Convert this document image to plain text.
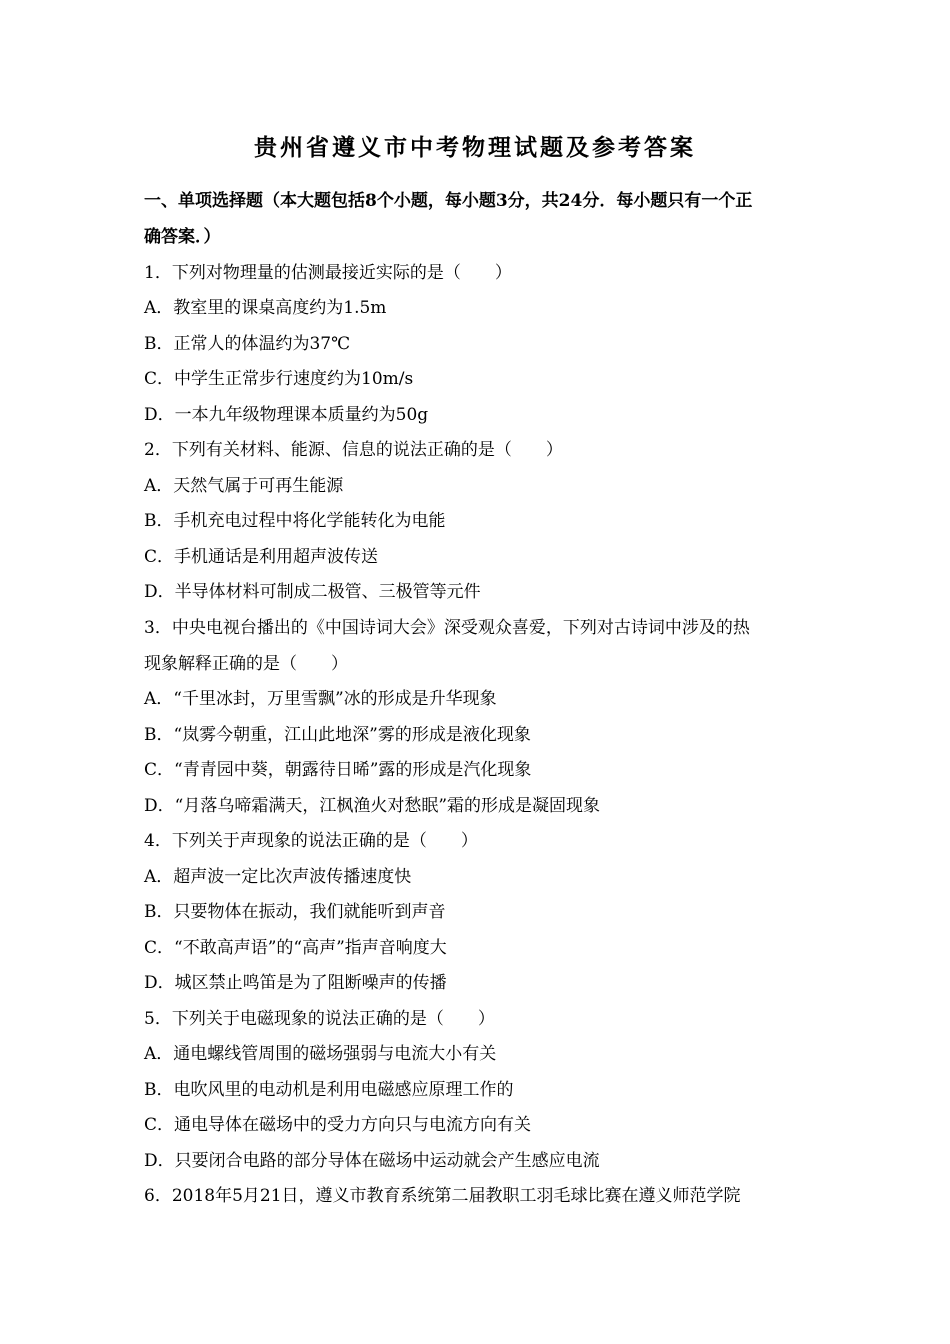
贵州省遵义市中考物理试题及参考答案
一、单项选择题（本大题包括8个小题，每小题3分，共24分．每小题只有一个正
确答案．）
1．下列对物理量的估测最接近实际的是（　　）
A．教室里的课桌高度约为1.5m
B．正常人的体温约为37℃
C．中学生正常步行速度约为10m/s
D．一本九年级物理课本质量约为50g
2．下列有关材料、能源、信息的说法正确的是（　　）
A．天然气属于可再生能源
B．手机充电过程中将化学能转化为电能
C．手机通话是利用超声波传送
D．半导体材料可制成二极管、三极管等元件
3．中央电视台播出的《中国诗词大会》深受观众喜爱，下列对古诗词中涉及的热
现象解释正确的是（　　）
A．“千里冰封，万里雪飘”冰的形成是升华现象
B．“岚雾今朝重，江山此地深”雾的形成是液化现象
C．“青青园中葵，朝露待日晞”露的形成是汽化现象
D．“月落乌啼霜满天，江枫渔火对愁眠”霜的形成是凝固现象
4．下列关于声现象的说法正确的是（　　）
A．超声波一定比次声波传播速度快
B．只要物体在振动，我们就能听到声音
C．“不敢高声语”的“高声”指声音响度大
D．城区禁止鸣笛是为了阻断噪声的传播
5．下列关于电磁现象的说法正确的是（　　）
A．通电螺线管周围的磁场强弱与电流大小有关
B．电吹风里的电动机是利用电磁感应原理工作的
C．通电导体在磁场中的受力方向只与电流方向有关
D．只要闭合电路的部分导体在磁场中运动就会产生感应电流
6．2018年5月21日，遵义市教育系统第二届教职工羽毛球比赛在遵义师范学院
